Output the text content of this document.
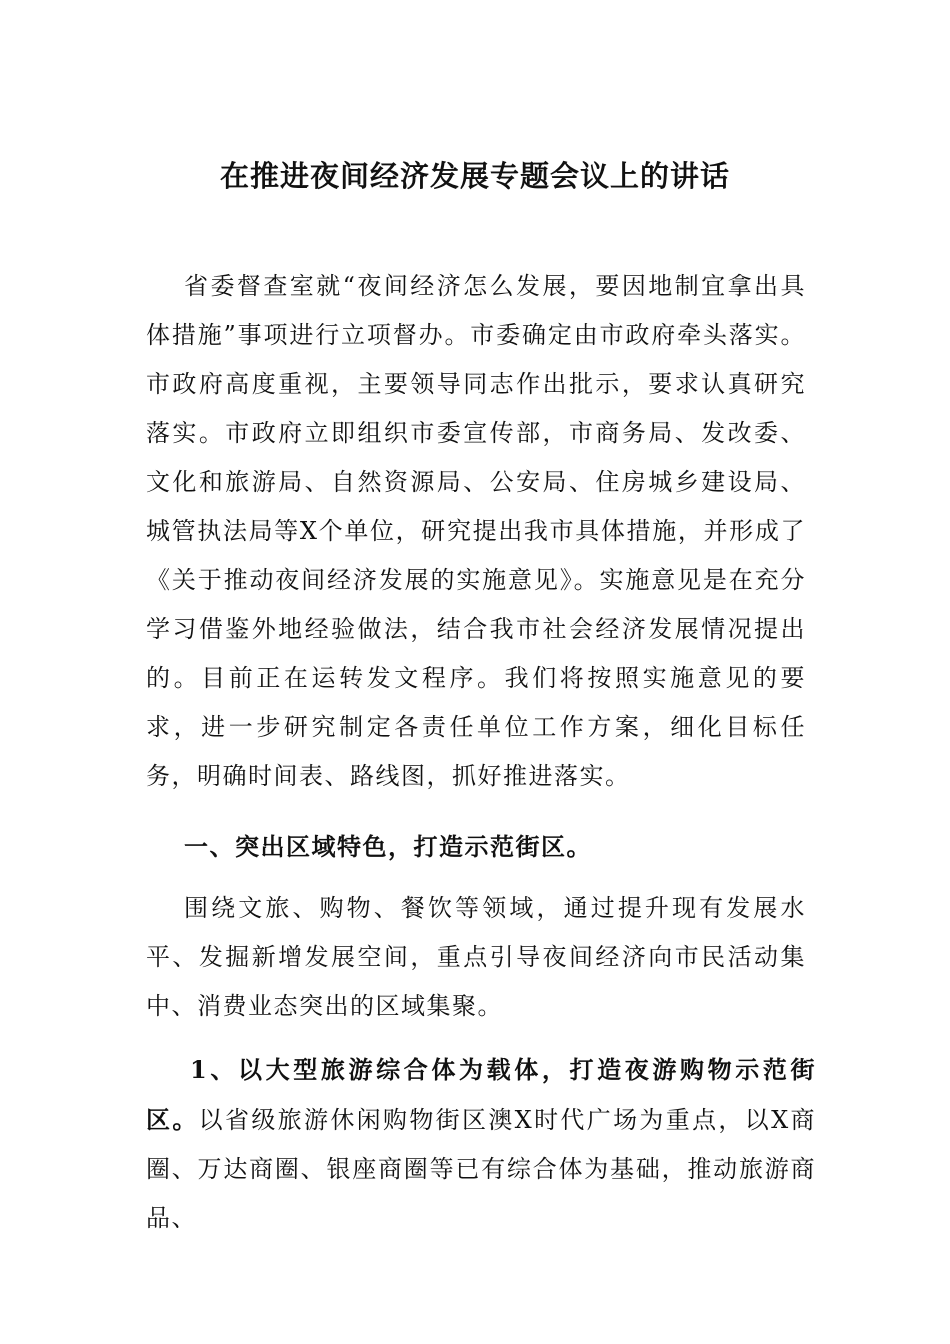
在推进夜间经济发展专题会议上的讲话

省委督查室就“夜间经济怎么发展，要因地制宜拿出具体措施”事项进行立项督办。市委确定由市政府牵头落实。市政府高度重视，主要领导同志作出批示，要求认真研究落实。市政府立即组织市委宣传部，市商务局、发改委、文化和旅游局、自然资源局、公安局、住房城乡建设局、城管执法局等X个单位，研究提出我市具体措施，并形成了《关于推动夜间经济发展的实施意见》。实施意见是在充分学习借鉴外地经验做法，结合我市社会经济发展情况提出的。目前正在运转发文程序。我们将按照实施意见的要求，进一步研究制定各责任单位工作方案，细化目标任务，明确时间表、路线图，抓好推进落实。

一、突出区域特色，打造示范街区。

围绕文旅、购物、餐饮等领域，通过提升现有发展水平、发掘新增发展空间，重点引导夜间经济向市民活动集中、消费业态突出的区域集聚。

1、以大型旅游综合体为载体，打造夜游购物示范街区。以省级旅游休闲购物街区澳X时代广场为重点，以X商圈、万达商圈、银座商圈等已有综合体为基础，推动旅游商品、
